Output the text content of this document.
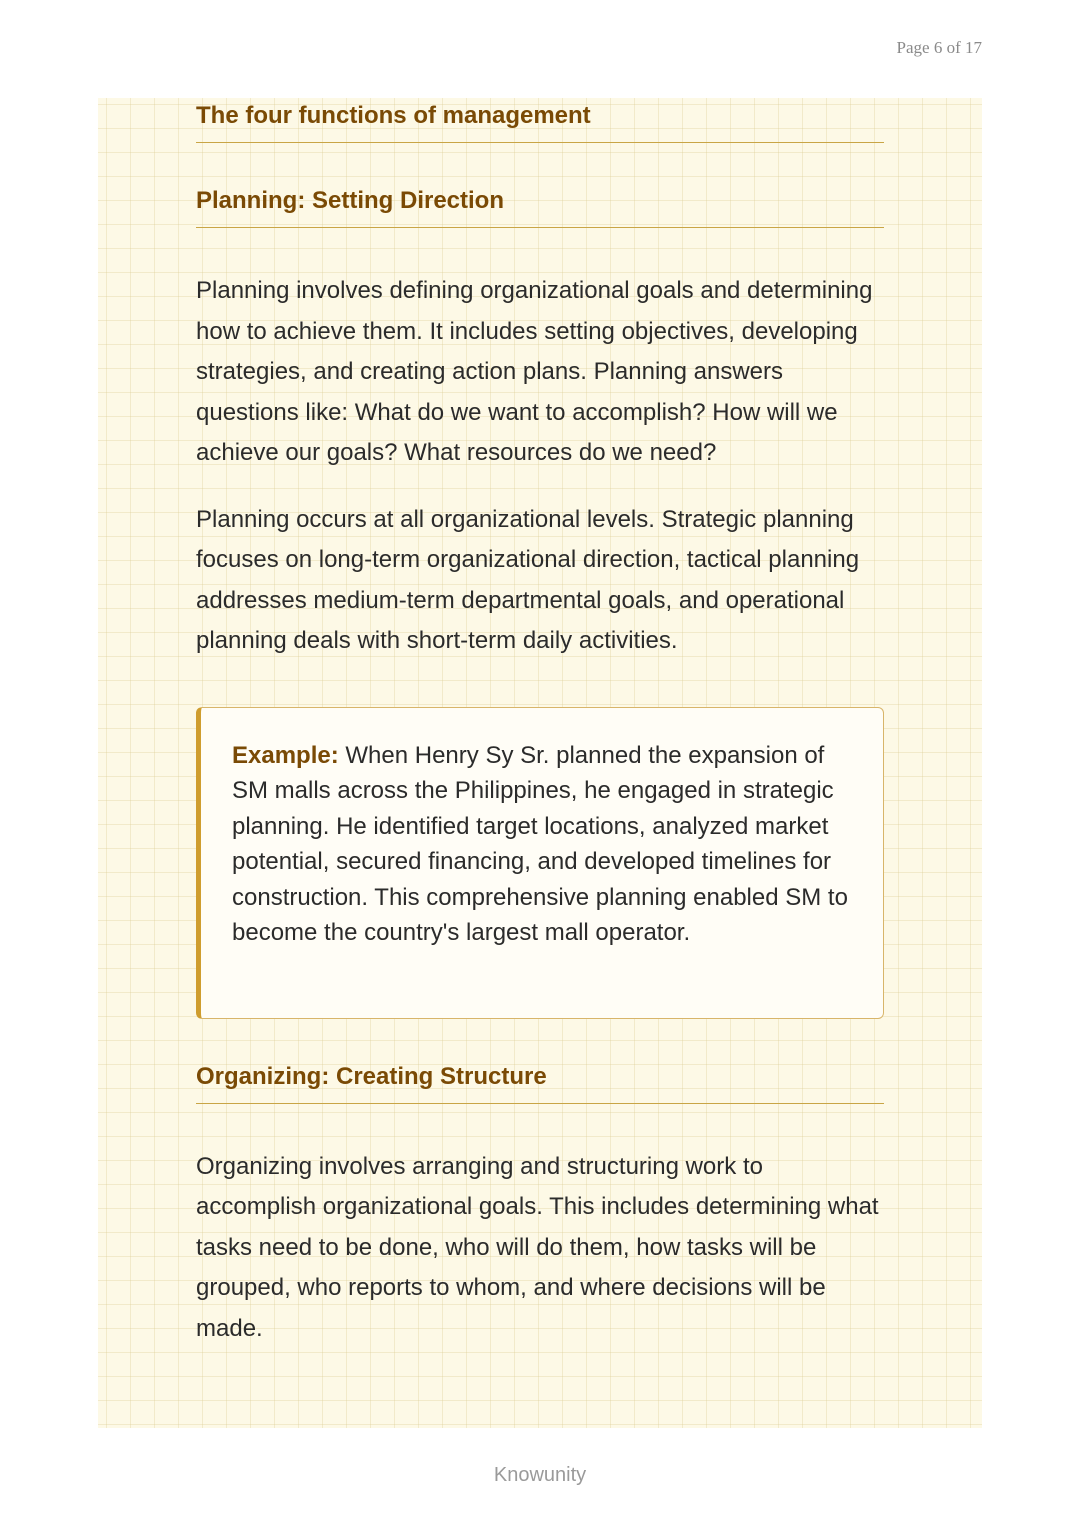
Page 6 of 17
The four functions of management
Planning: Setting Direction

Planning involves defining organizational goals and determining how to achieve them. It includes setting objectives, developing strategies, and creating action plans. Planning answers questions like: What do we want to accomplish? How will we achieve our goals? What resources do we need?

Planning occurs at all organizational levels. Strategic planning focuses on long-term organizational direction, tactical planning addresses medium-term departmental goals, and operational planning deals with short-term daily activities.

Example: When Henry Sy Sr. planned the expansion of SM malls across the Philippines, he engaged in strategic planning. He identified target locations, analyzed market potential, secured financing, and developed timelines for construction. This comprehensive planning enabled SM to become the country's largest mall operator.

Organizing: Creating Structure

Organizing involves arranging and structuring work to accomplish organizational goals. This includes determining what tasks need to be done, who will do them, how tasks will be grouped, who reports to whom, and where decisions will be made.

Knowunity
